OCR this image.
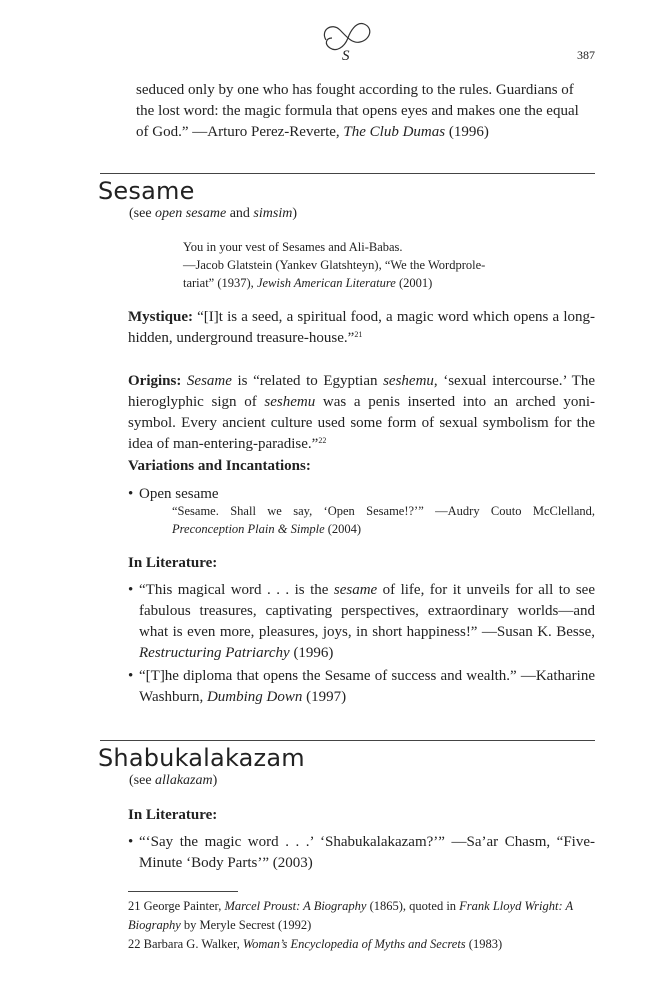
S	387

seduced only by one who has fought according to the rules. Guardians of the lost word: the magic formula that opens eyes and makes one the equal of God.” —Arturo Perez-Reverte, The Club Dumas (1996)

Sesame
(see open sesame and simsim)
You in your vest of Sesames and Ali-Babas.
—Jacob Glatstein (Yankev Glatshteyn), “We the Wordprole-
tariat” (1937), Jewish American Literature (2001)

Mystique: “[I]t is a seed, a spiritual food, a magic word which opens a long-hidden, underground treasure-house.”$^{21}$

Origins: Sesame is “related to Egyptian seshemu, ‘sexual intercourse.’ The hieroglyphic sign of seshemu was a penis inserted into an arched yoni-symbol. Every ancient culture used some form of sexual symbolism for the idea of man-entering-paradise.”$^{22}$

Variations and Incantations:
• Open sesame
“Sesame. Shall we say, ‘Open Sesame!?’” —Audry Couto McClelland, Preconception Plain & Simple (2004)
In Literature:
• “This magical word . . . is the sesame of life, for it unveils for all to see fabulous treasures, captivating perspectives, extraordinary worlds—and what is even more, pleasures, joys, in short happiness!” —Susan K. Besse, Restructuring Patriarchy (1996)
• “[T]he diploma that opens the Sesame of success and wealth.” —Katharine Washburn, Dumbing Down (1997)
Shabukalakazam
(see allakazam)
In Literature:
• “‘Say the magic word . . .’ ‘Shabukalakazam?’” —Sa’ar Chasm, “Five-Minute ‘Body Parts’” (2003)
21 George Painter, Marcel Proust: A Biography (1865), quoted in Frank Lloyd Wright: A Biography by Meryle Secrest (1992)
22 Barbara G. Walker, Woman’s Encyclopedia of Myths and Secrets (1983)
